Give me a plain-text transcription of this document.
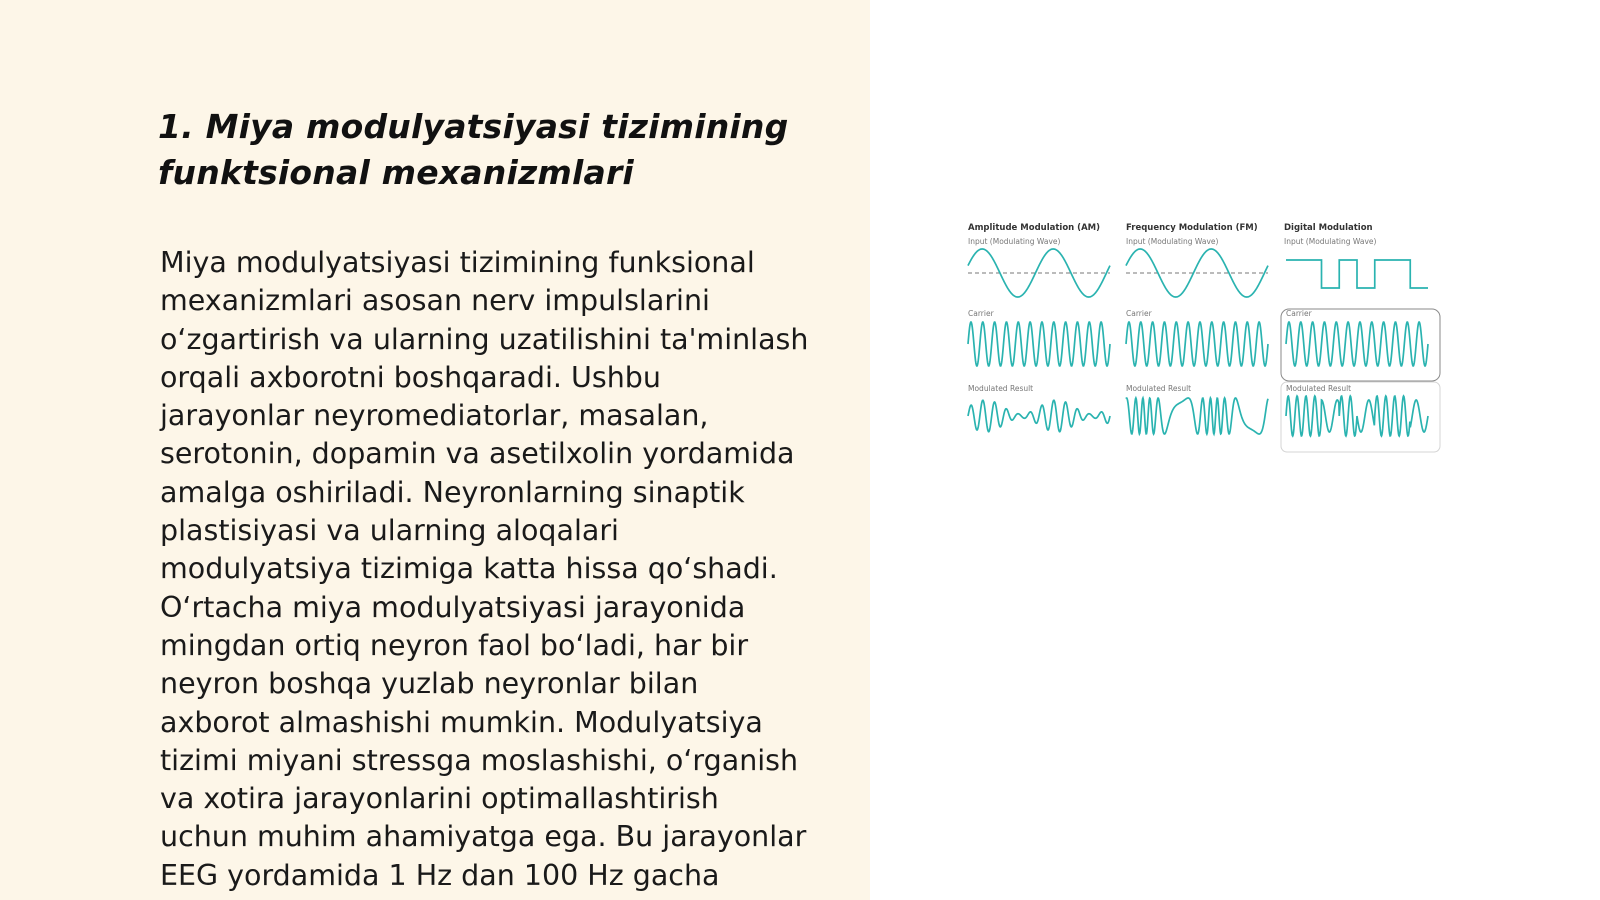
1. Miya modulyatsiyasi tizimining funktsional mexanizmlari

Miya modulyatsiyasi tizimining funksional
mexanizmlari asosan nerv impulslarini
o‘zgartirish va ularning uzatilishini ta'minlash
orqali axborotni boshqaradi. Ushbu
jarayonlar neyromediatorlar, masalan,
serotonin, dopamin va asetilxolin yordamida
amalga oshiriladi. Neyronlarning sinaptik
plastisiyasi va ularning aloqalari
modulyatsiya tizimiga katta hissa qo‘shadi.
O‘rtacha miya modulyatsiyasi jarayonida
mingdan ortiq neyron faol bo‘ladi, har bir
neyron boshqa yuzlab neyronlar bilan
axborot almashishi mumkin. Modulyatsiya
tizimi miyani stressga moslashishi, o‘rganish
va xotira jarayonlarini optimallashtirish
uchun muhim ahamiyatga ega. Bu jarayonlar
EEG yordamida 1 Hz dan 100 Hz gacha

Amplitude Modulation (AM)
Input (Modulating Wave)
Carrier
Modulated Result
Frequency Modulation (FM)
Input (Modulating Wave)
Carrier
Modulated Result
Digital Modulation
Input (Modulating Wave)
Carrier
Modulated Result
